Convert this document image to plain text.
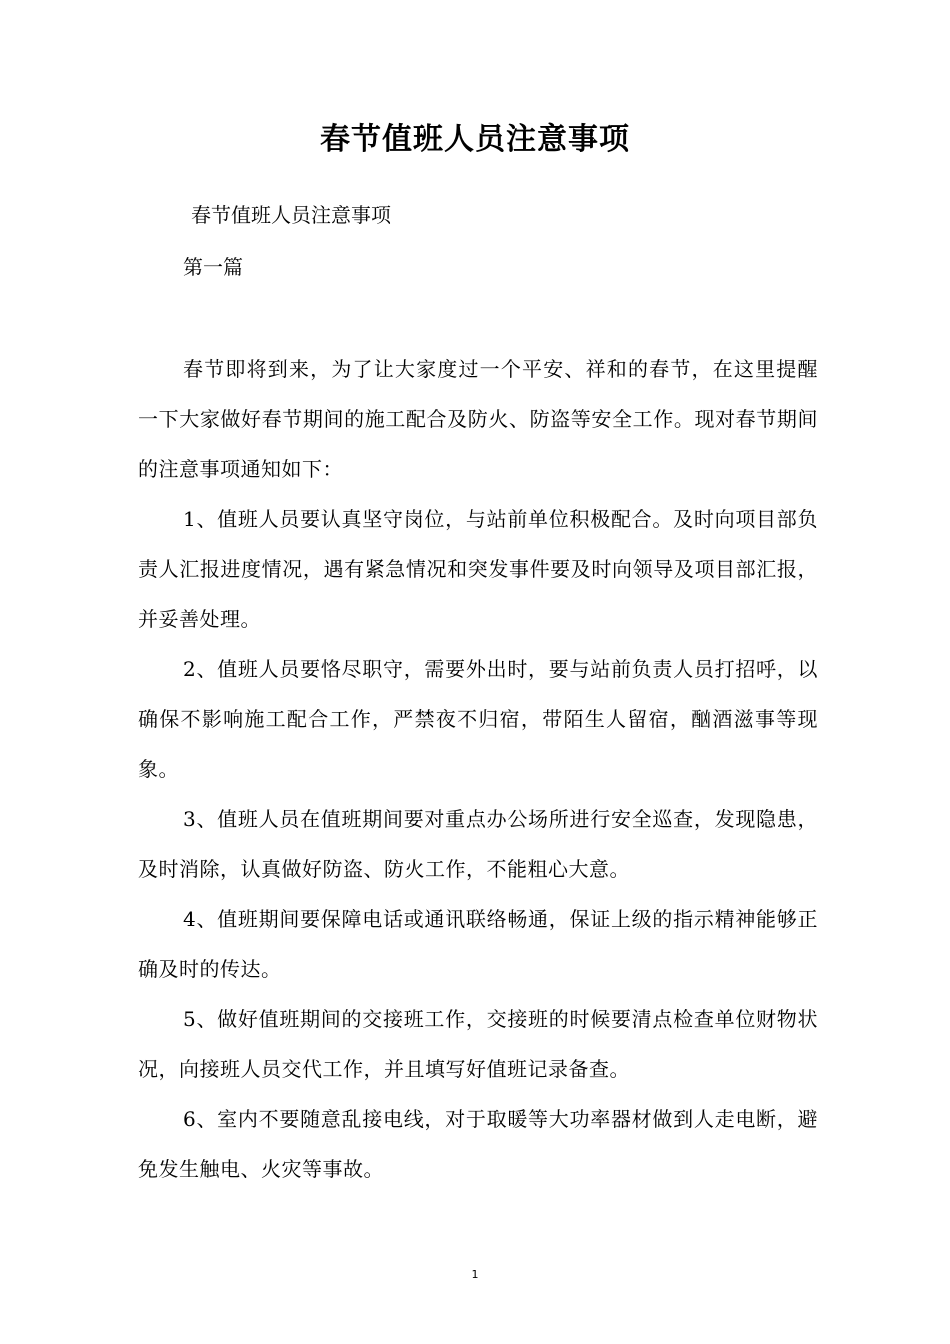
春节值班人员注意事项
春节值班人员注意事项
第一篇

春节即将到来，为了让大家度过一个平安、祥和的春节，在这里提醒一下大家做好春节期间的施工配合及防火、防盗等安全工作。现对春节期间的注意事项通知如下：

1、值班人员要认真坚守岗位，与站前单位积极配合。及时向项目部负责人汇报进度情况，遇有紧急情况和突发事件要及时向领导及项目部汇报，并妥善处理。

2、值班人员要恪尽职守，需要外出时，要与站前负责人员打招呼，以确保不影响施工配合工作，严禁夜不归宿，带陌生人留宿，酗酒滋事等现象。

3、值班人员在值班期间要对重点办公场所进行安全巡查，发现隐患，及时消除，认真做好防盗、防火工作，不能粗心大意。

4、值班期间要保障电话或通讯联络畅通，保证上级的指示精神能够正确及时的传达。

5、做好值班期间的交接班工作，交接班的时候要清点检查单位财物状况，向接班人员交代工作，并且填写好值班记录备查。

6、室内不要随意乱接电线，对于取暖等大功率器材做到人走电断，避免发生触电、火灾等事故。

1
